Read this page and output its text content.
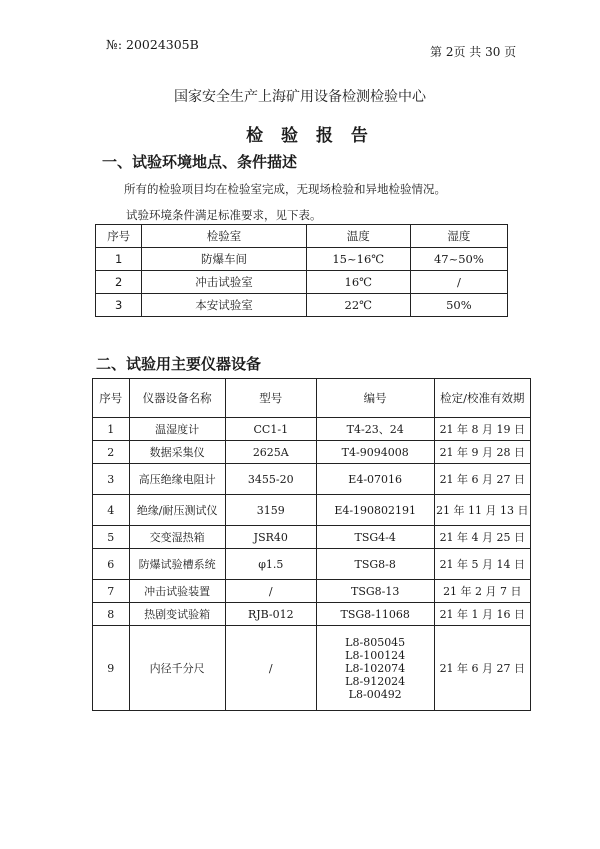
№: 20024305B	第 2页 共 30 页
国家安全生产上海矿用设备检测检验中心
检 验 报 告
一、试验环境地点、条件描述
所有的检验项目均在检验室完成，无现场检验和异地检验情况。
试验环境条件满足标准要求，见下表。
序号	检验室	温度	湿度
1	防爆车间	15~16℃	47~50%
2	冲击试验室	16℃	/
3	本安试验室	22℃	50%
二、试验用主要仪器设备
序号	仪器设备名称	型号	编号	检定/校准有效期
1	温湿度计	CC1-1	T4-23、24	21 年 8 月 19 日
2	数据采集仪	2625A	T4-9094008	21 年 9 月 28 日
3	高压绝缘电阻计	3455-20	E4-07016	21 年 6 月 27 日
4	绝缘/耐压测试仪	3159	E4-190802191	21 年 11 月 13 日
5	交变湿热箱	JSR40	TSG4-4	21 年 4 月 25 日
6	防爆试验槽系统	φ1.5	TSG8-8	21 年 5 月 14 日
7	冲击试验装置	/	TSG8-13	21 年 2 月 7 日
8	热剧变试验箱	RJB-012	TSG8-11068	21 年 1 月 16 日
9	内径千分尺	/	L8-805045
L8-100124
L8-102074
L8-912024
L8-00492	21 年 6 月 27 日
